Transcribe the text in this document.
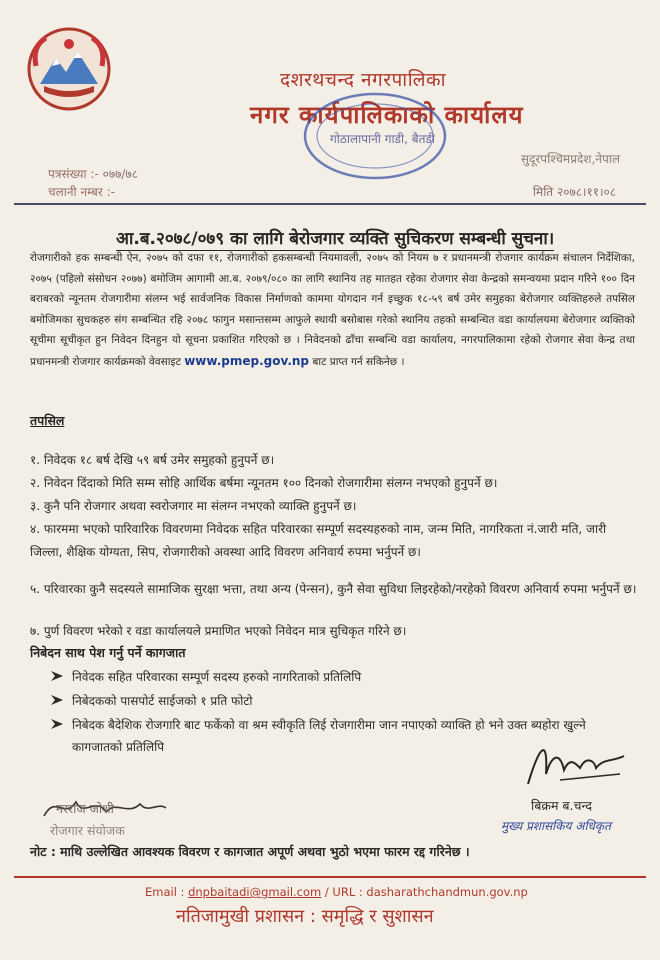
दशरथचन्द नगरपालिका
नगर कार्यपालिकाको कार्यालय
गोठालापानी गाडी, बैतडी
सुदूरपश्चिमप्रदेश,नेपाल
पत्रसंख्या :- ०७७/७८
चलानी नम्बर :-	मिति २०७८।११।०८
आ.ब.२०७८/०७९ का लागि बेरोजगार व्यक्ति सुचिकरण सम्बन्धी सुचना।
रोजगारीको हक सम्बन्धी ऐन, २०७५ को दफा ११, रोजगारीको हकसम्बन्धी नियमावली, २०७५ को नियम ७ र प्रधानमन्त्री रोजगार कार्यक्रम संचालन निर्देशिका, २०७५ (पहिलो संसोधन २०७७) बमोजिम आगामी आ.ब. २०७९/०८० का लागि स्थानिय तह मातहत रहेका रोजगार सेवा केन्द्रको समन्वयमा प्रदान गरिने १०० दिन बराबरको न्यूनतम रोजगारीमा संलग्न भई सार्वजनिक विकास निर्माणको काममा योगदान गर्न इच्छुक १८-५९ बर्ष उमेर समुहका बेरोजगार व्यक्तिहरुले तपसिल बमोजिमका सुचकहरु संग सम्बन्धित रहि २०७८ फागुन मसान्तसम्म आफुले स्थायी बसोबास गरेको स्थानिय तहको सम्बन्धित वडा कार्यालयमा बेरोजगार व्यक्तिको सूचीमा सूचीकृत हुन निवेदन दिनहुन यो सूचना प्रकाशित गरिएको छ । निवेदनको ढाँचा सम्बन्धि वडा कार्यालय, नगरपालिकामा रहेको रोजगार सेवा केन्द्र तथा प्रधानमन्त्री रोजगार कार्यक्रमको वेवसाइट www.pmep.gov.np बाट प्राप्त गर्न सकिनेछ ।
तपसिल
१. निवेदक १८ बर्ष देखि ५९ बर्ष उमेर समुहको हुनुपर्ने छ।
२. निवेदन दिंदाको मिति सम्म सोहि आर्थिक बर्षमा न्यूनतम १०० दिनको रोजगारीमा संलग्न नभएको हुनुपर्ने छ।
३. कुनै पनि रोजगार अथवा स्वरोजगार मा संलग्न नभएको व्याक्ति हुनुपर्ने छ।
४. फारममा भएको पारिवारिक विवरणमा निवेदक सहित परिवारका सम्पूर्ण सदस्यहरुको नाम, जन्म मिति, नागरिकता नं.जारी मति, जारी जिल्ला, शैक्षिक योग्यता, सिप, रोजगारीको अवस्था आदि विवरण अनिवार्य रुपमा भर्नुपर्ने छ।
५. परिवारका कुनै सदस्यले सामाजिक सुरक्षा भत्ता, तथा अन्य (पेन्सन), कुनै सेवा सुविधा लिइरहेको/नरहेको विवरण अनिवार्य रुपमा भर्नुपर्ने छ।
७. पुर्ण विवरण भरेको र वडा कार्यालयले प्रमाणित भएको निवेदन मात्र सुचिकृत गरिने छ।
निबेदन साथ पेश गर्नु पर्ने कागजात
निवेदक सहित परिवारका सम्पूर्ण सदस्य हरुको नागरिताको प्रतिलिपि
निबेदकको पासपोर्ट साईजको १ प्रति फोटो
निबेदक बैदेशिक रोजगारि बाट फर्केको वा श्रम स्वीकृति लिई रोजगारीमा जान नपाएको व्याक्ति हो भने उक्त ब्यहोरा खुल्ने कागजातको प्रतिलिपि
बिक्रम ब.चन्द
मुख्य प्रशासकिय अधिकृत
नरराज जोशी
रोजगार संयोजक
नोट : माथि उल्लेखित आवश्यक विवरण र कागजात अपूर्ण अथवा भुठो भएमा फारम रद्द गरिनेछ ।
Email : dnpbaitadi@gmail.com / URL : dasharathchandmun.gov.np
नतिजामुखी प्रशासन : समृद्धि र सुशासन
